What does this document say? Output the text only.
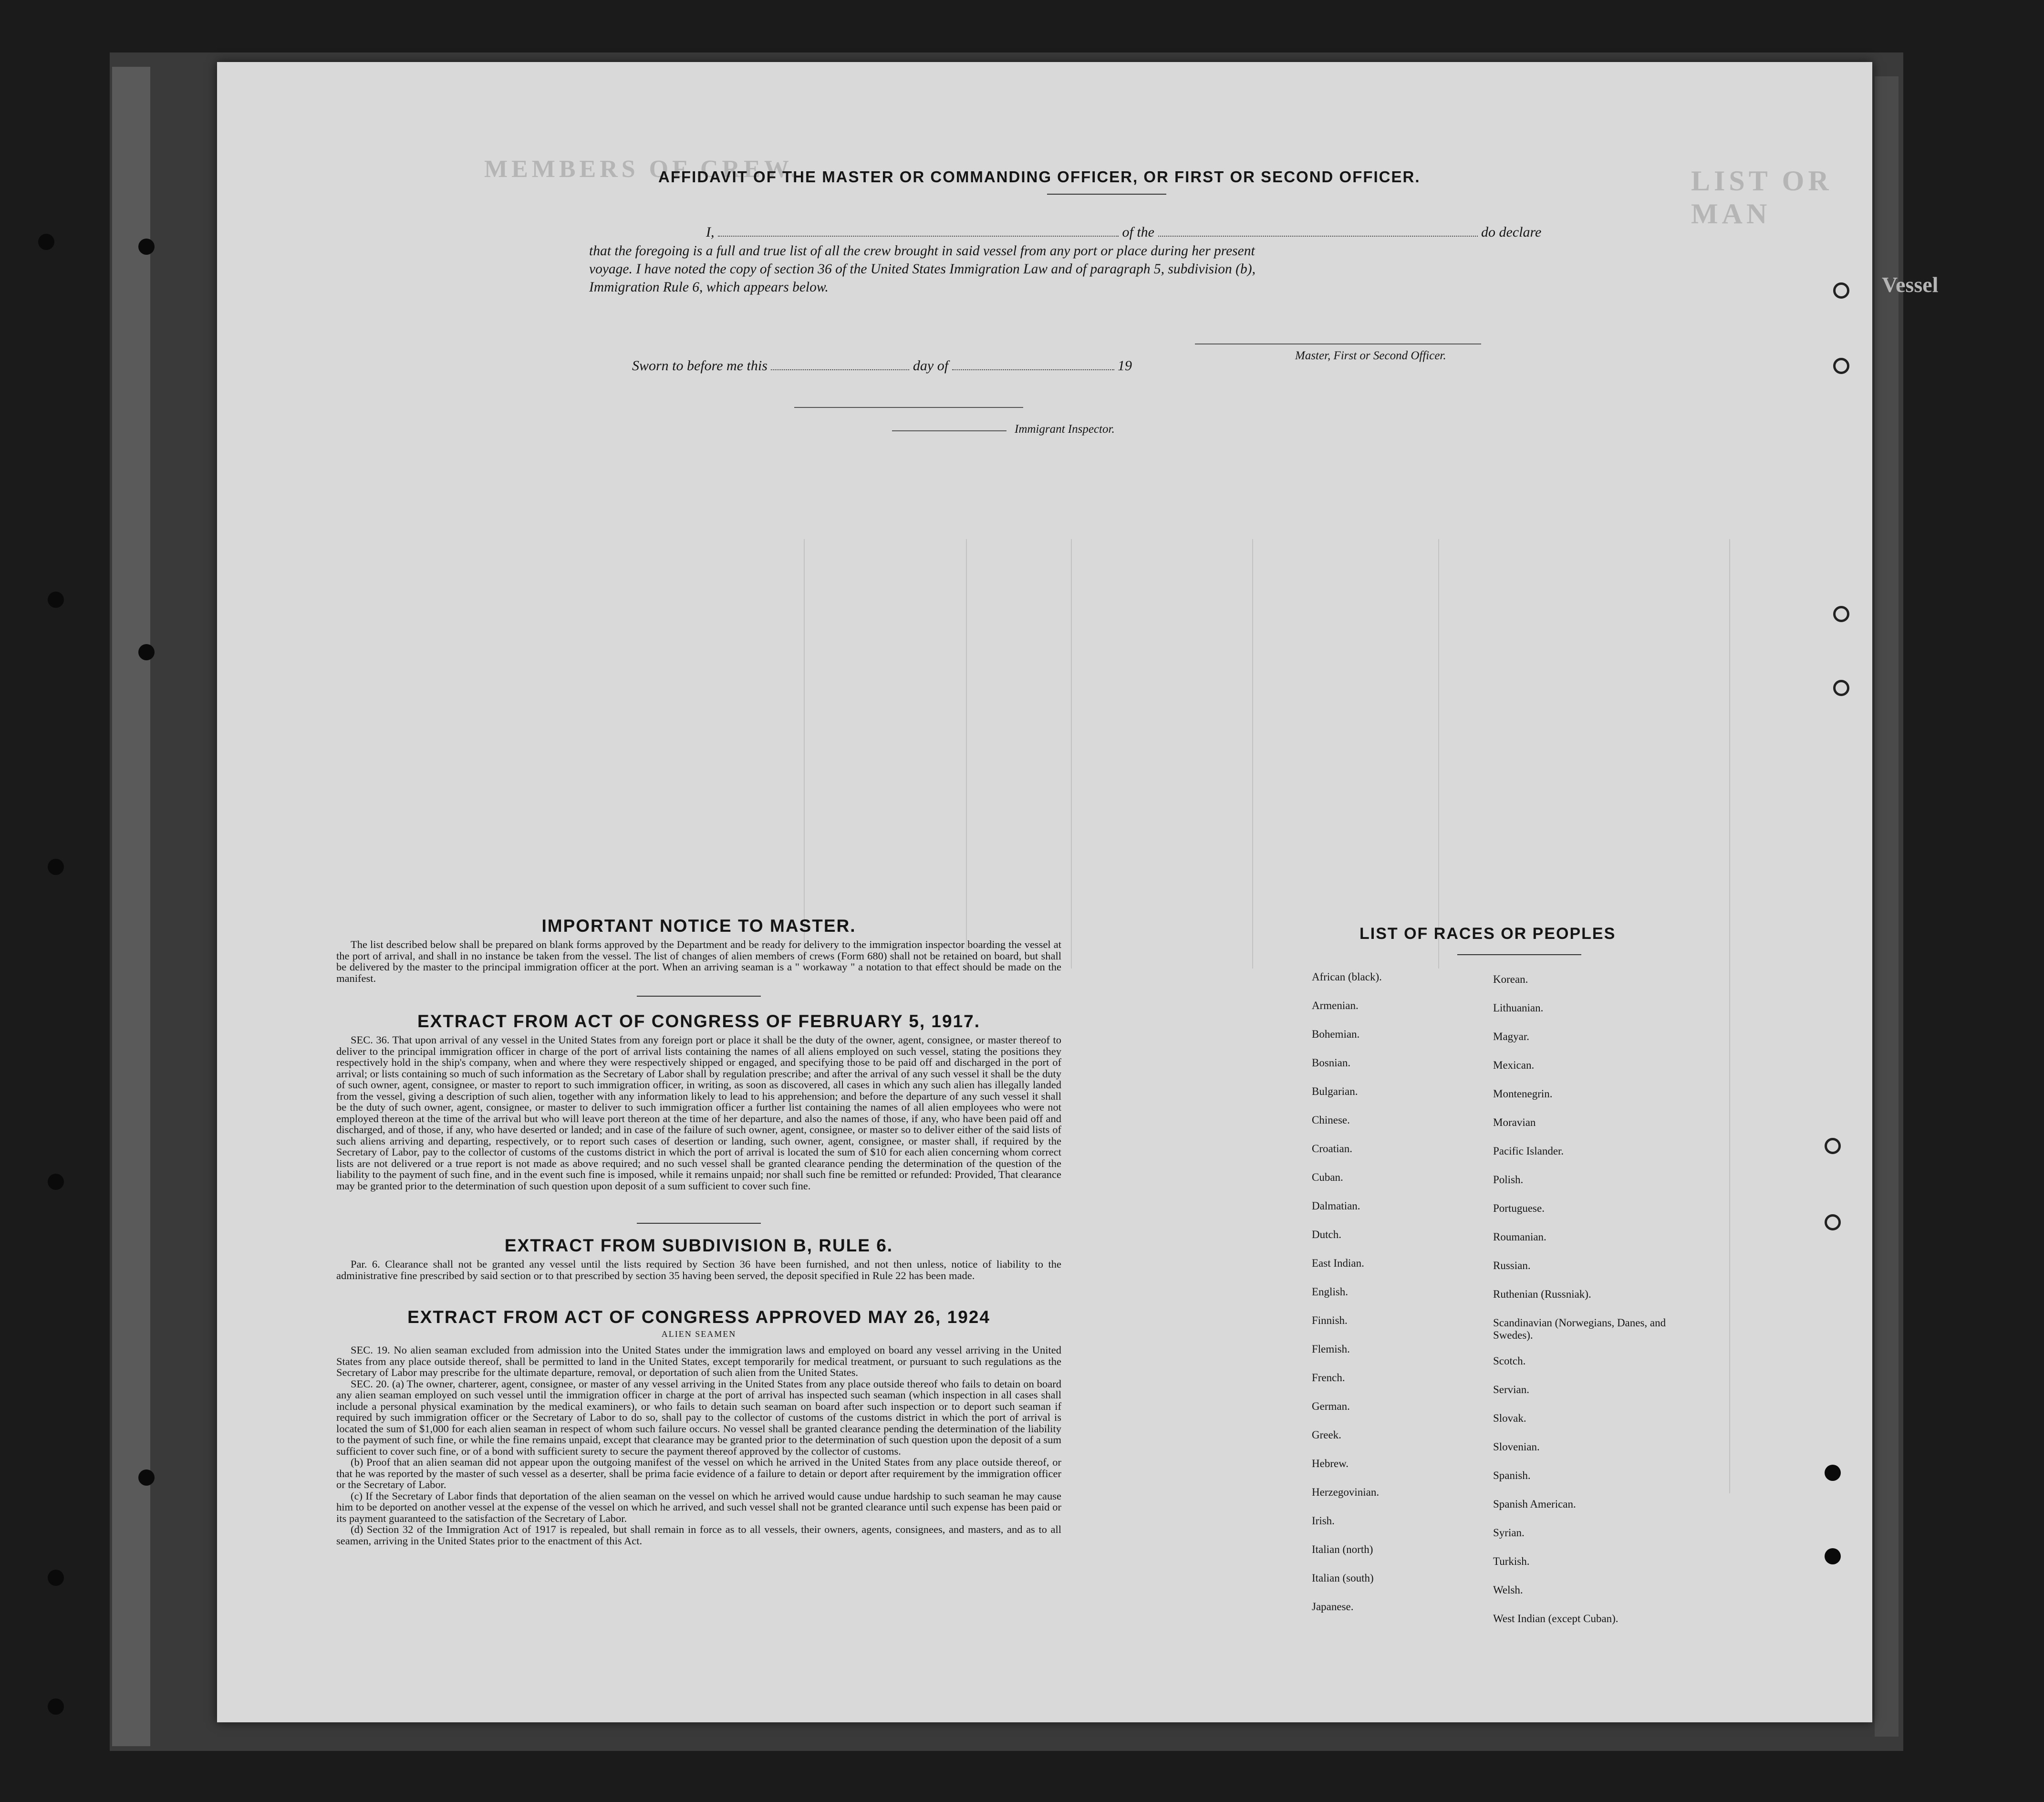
LIST OR MAN
MEMBERS OF CREW.
Vessel
AFFIDAVIT OF THE MASTER OR COMMANDING OFFICER, OR FIRST OR SECOND OFFICER.
I,	of the	do declare
that the foregoing is a full and true list of all the crew brought in said vessel from any port or place during her present
voyage. I have noted the copy of section 36 of the United States Immigration Law and of paragraph 5, subdivision (b),
Immigration Rule 6, which appears below.
Master, First or Second Officer.
Sworn to before me this	day of	19
Immigrant Inspector.
IMPORTANT NOTICE TO MASTER.

The list described below shall be prepared on blank forms approved by the Department and be ready for delivery to the immigration inspector boarding the vessel at the port of arrival, and shall in no instance be taken from the vessel. The list of changes of alien members of crews (Form 680) shall not be retained on board, but shall be delivered by the master to the principal immigration officer at the port. When an arriving seaman is a " workaway " a notation to that effect should be made on the manifest.

EXTRACT FROM ACT OF CONGRESS OF FEBRUARY 5, 1917.

SEC. 36. That upon arrival of any vessel in the United States from any foreign port or place it shall be the duty of the owner, agent, consignee, or master thereof to deliver to the principal immigration officer in charge of the port of arrival lists containing the names of all aliens employed on such vessel, stating the positions they respectively hold in the ship's company, when and where they were respectively shipped or engaged, and specifying those to be paid off and discharged in the port of arrival; or lists containing so much of such information as the Secretary of Labor shall by regulation prescribe; and after the arrival of any such vessel it shall be the duty of such owner, agent, consignee, or master to report to such immigration officer, in writing, as soon as discovered, all cases in which any such alien has illegally landed from the vessel, giving a description of such alien, together with any information likely to lead to his apprehension; and before the departure of any such vessel it shall be the duty of such owner, agent, consignee, or master to deliver to such immigration officer a further list containing the names of all alien employees who were not employed thereon at the time of the arrival but who will leave port thereon at the time of her departure, and also the names of those, if any, who have been paid off and discharged, and of those, if any, who have deserted or landed; and in case of the failure of such owner, agent, consignee, or master so to deliver either of the said lists of such aliens arriving and departing, respectively, or to report such cases of desertion or landing, such owner, agent, consignee, or master shall, if required by the Secretary of Labor, pay to the collector of customs of the customs district in which the port of arrival is located the sum of $10 for each alien concerning whom correct lists are not delivered or a true report is not made as above required; and no such vessel shall be granted clearance pending the determination of the question of the liability to the payment of such fine, and in the event such fine is imposed, while it remains unpaid; nor shall such fine be remitted or refunded: Provided, That clearance may be granted prior to the determination of such question upon deposit of a sum sufficient to cover such fine.

EXTRACT FROM SUBDIVISION B, RULE 6.

Par. 6. Clearance shall not be granted any vessel until the lists required by Section 36 have been furnished, and not then unless, notice of liability to the administrative fine prescribed by said section or to that prescribed by section 35 having been served, the deposit specified in Rule 22 has been made.

EXTRACT FROM ACT OF CONGRESS APPROVED MAY 26, 1924
ALIEN SEAMEN

SEC. 19. No alien seaman excluded from admission into the United States under the immigration laws and employed on board any vessel arriving in the United States from any place outside thereof, shall be permitted to land in the United States, except temporarily for medical treatment, or pursuant to such regulations as the Secretary of Labor may prescribe for the ultimate departure, removal, or deportation of such alien from the United States.

SEC. 20. (a) The owner, charterer, agent, consignee, or master of any vessel arriving in the United States from any place outside thereof who fails to detain on board any alien seaman employed on such vessel until the immigration officer in charge at the port of arrival has inspected such seaman (which inspection in all cases shall include a personal physical examination by the medical examiners), or who fails to detain such seaman on board after such inspection or to deport such seaman if required by such immigration officer or the Secretary of Labor to do so, shall pay to the collector of customs of the customs district in which the port of arrival is located the sum of $1,000 for each alien seaman in respect of whom such failure occurs. No vessel shall be granted clearance pending the determination of the liability to the payment of such fine, or while the fine remains unpaid, except that clearance may be granted prior to the determination of such question upon the deposit of a sum sufficient to cover such fine, or of a bond with sufficient surety to secure the payment thereof approved by the collector of customs.

(b) Proof that an alien seaman did not appear upon the outgoing manifest of the vessel on which he arrived in the United States from any place outside thereof, or that he was reported by the master of such vessel as a deserter, shall be prima facie evidence of a failure to detain or deport after requirement by the immigration officer or the Secretary of Labor.

(c) If the Secretary of Labor finds that deportation of the alien seaman on the vessel on which he arrived would cause undue hardship to such seaman he may cause him to be deported on another vessel at the expense of the vessel on which he arrived, and such vessel shall not be granted clearance until such expense has been paid or its payment guaranteed to the satisfaction of the Secretary of Labor.

(d) Section 32 of the Immigration Act of 1917 is repealed, but shall remain in force as to all vessels, their owners, agents, consignees, and masters, and as to all seamen, arriving in the United States prior to the enactment of this Act.

LIST OF RACES OR PEOPLES
African (black).
Armenian.
Bohemian.
Bosnian.
Bulgarian.
Chinese.
Croatian.
Cuban.
Dalmatian.
Dutch.
East Indian.
English.
Finnish.
Flemish.
French.
German.
Greek.
Hebrew.
Herzegovinian.
Irish.
Italian (north)
Italian (south)
Japanese.
Korean.
Lithuanian.
Magyar.
Mexican.
Montenegrin.
Moravian
Pacific Islander.
Polish.
Portuguese.
Roumanian.
Russian.
Ruthenian (Russniak).
Scandinavian (Norwegians, Danes, and Swedes).
Scotch.
Servian.
Slovak.
Slovenian.
Spanish.
Spanish American.
Syrian.
Turkish.
Welsh.
West Indian (except Cuban).
